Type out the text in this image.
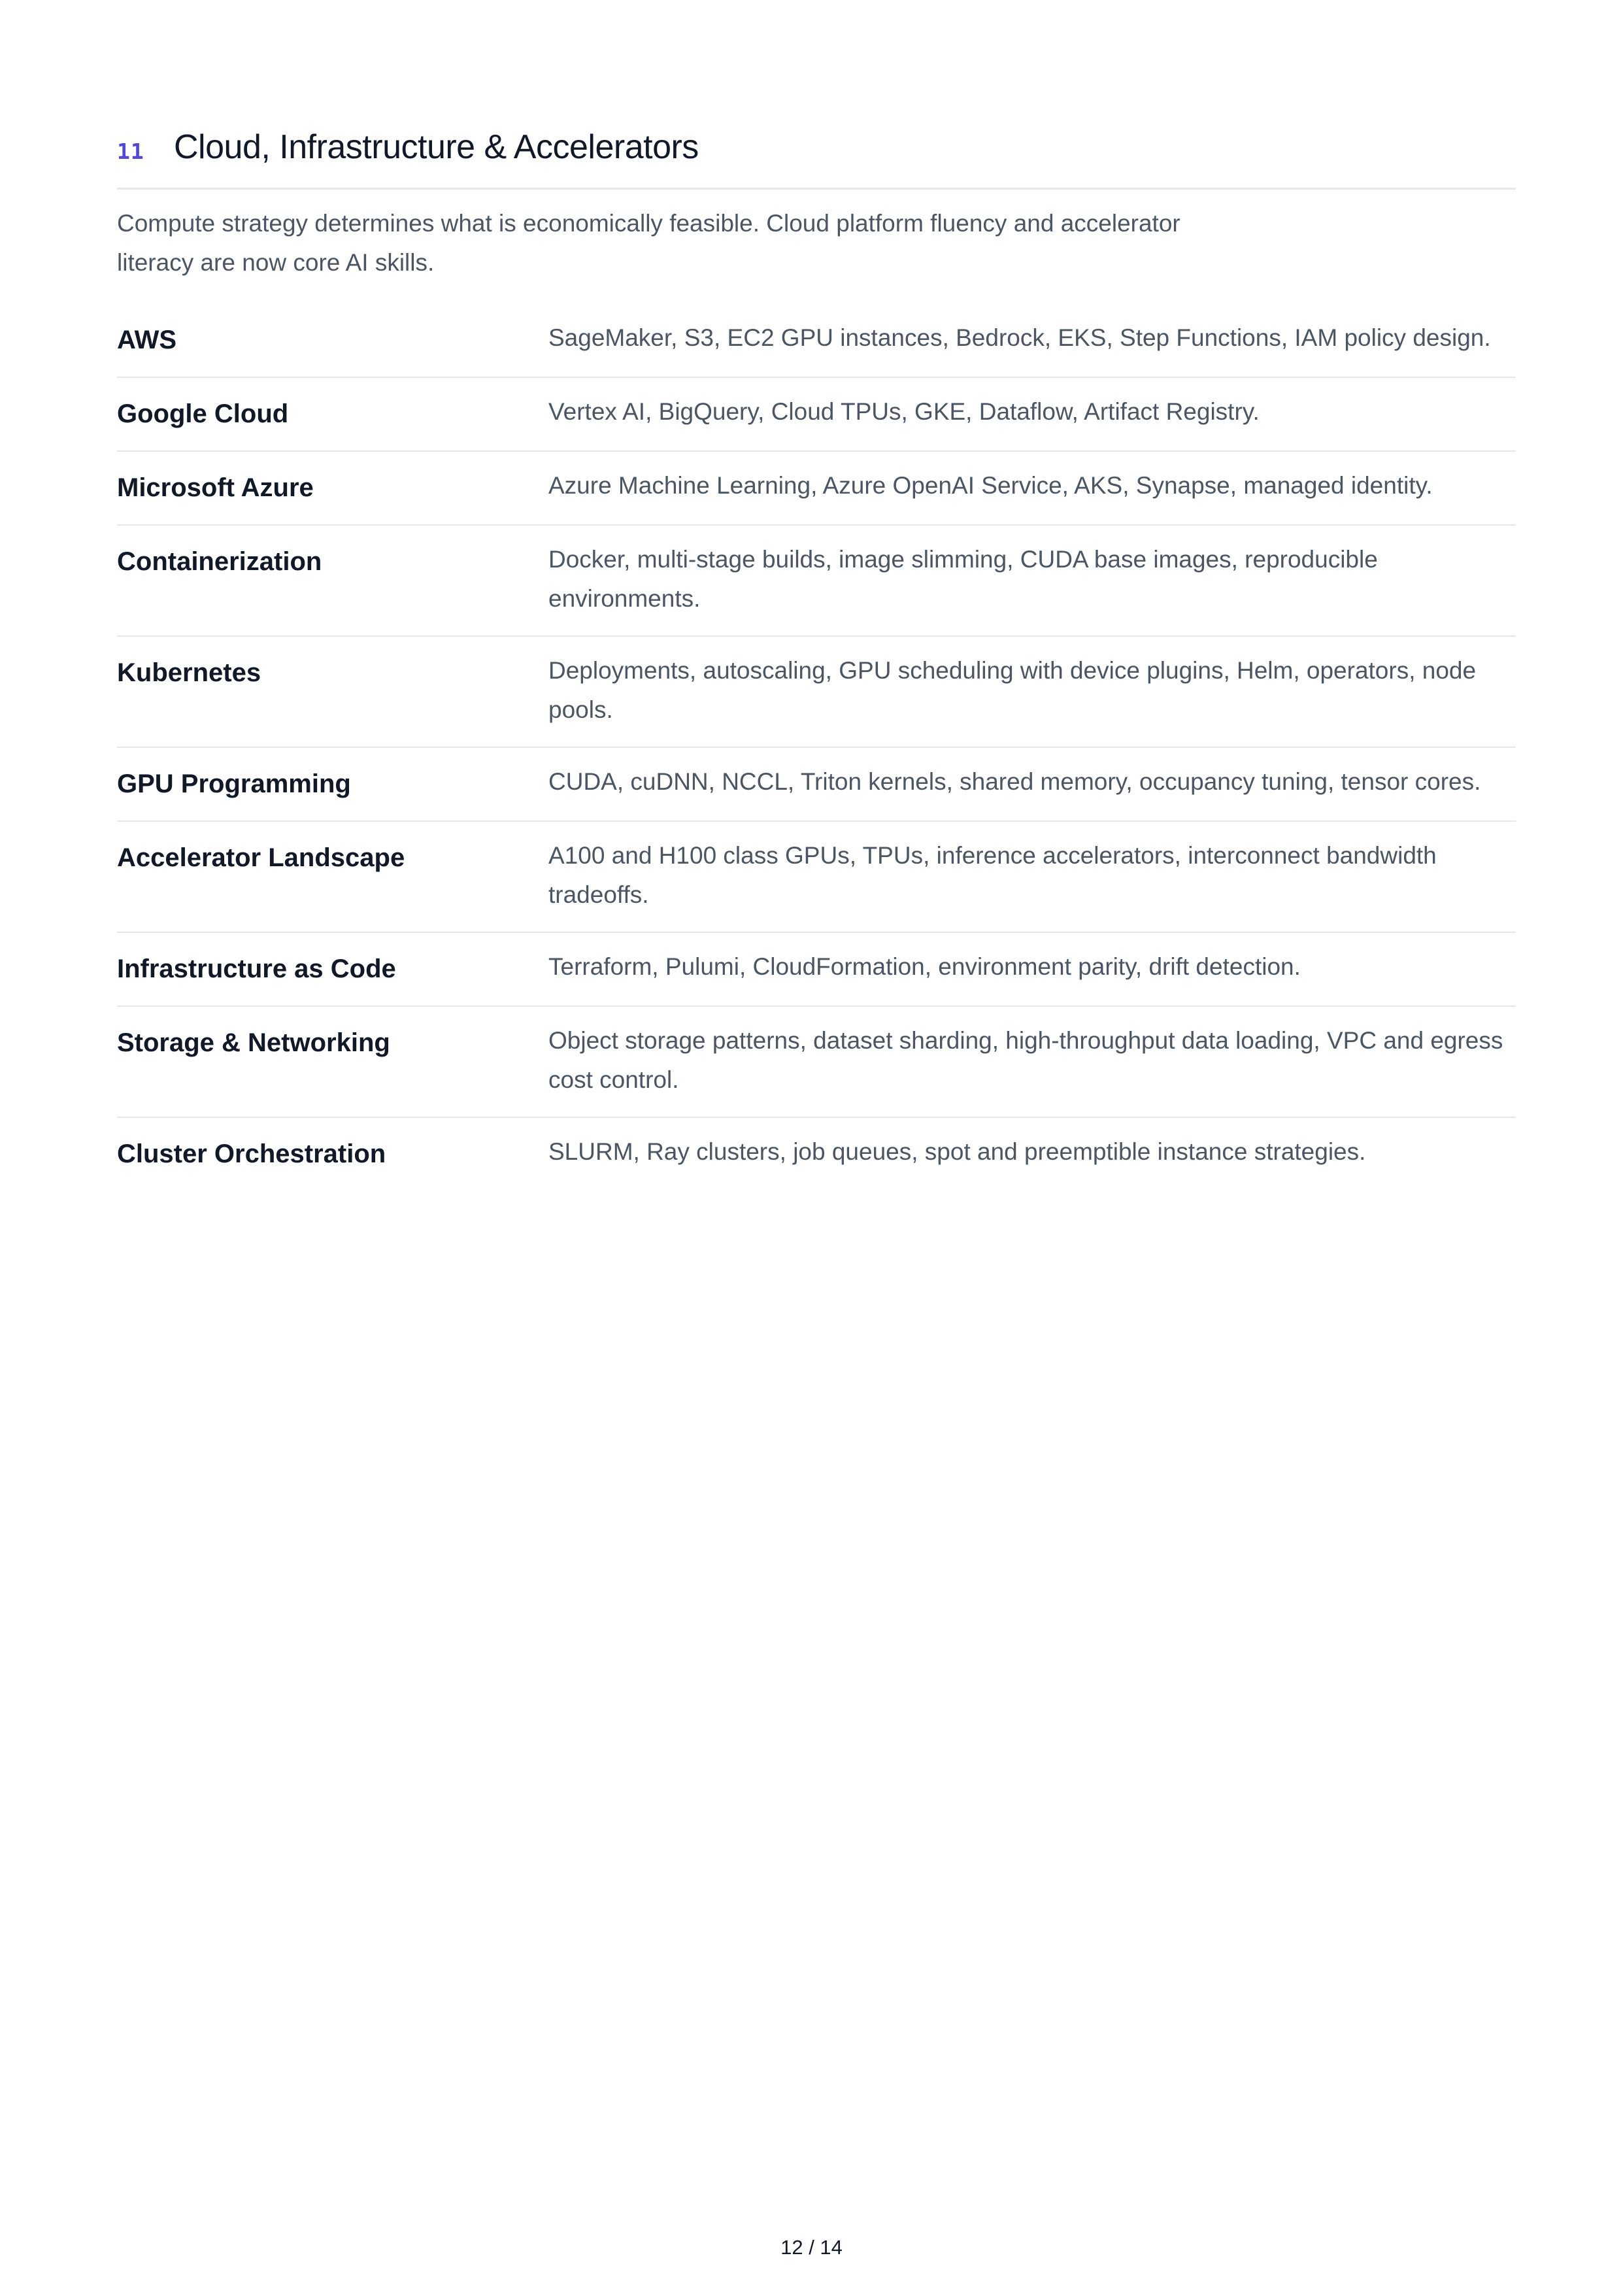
11 Cloud, Infrastructure & Accelerators

Compute strategy determines what is economically feasible. Cloud platform fluency and accelerator literacy are now core AI skills.

AWS	SageMaker, S3, EC2 GPU instances, Bedrock, EKS, Step Functions, IAM policy design.
Google Cloud	Vertex AI, BigQuery, Cloud TPUs, GKE, Dataflow, Artifact Registry.
Microsoft Azure	Azure Machine Learning, Azure OpenAI Service, AKS, Synapse, managed identity.
Containerization	Docker, multi-stage builds, image slimming, CUDA base images, reproducible environments.
Kubernetes	Deployments, autoscaling, GPU scheduling with device plugins, Helm, operators, node pools.
GPU Programming	CUDA, cuDNN, NCCL, Triton kernels, shared memory, occupancy tuning, tensor cores.
Accelerator Landscape	A100 and H100 class GPUs, TPUs, inference accelerators, interconnect bandwidth tradeoffs.
Infrastructure as Code	Terraform, Pulumi, CloudFormation, environment parity, drift detection.
Storage & Networking	Object storage patterns, dataset sharding, high-throughput data loading, VPC and egress cost control.
Cluster Orchestration	SLURM, Ray clusters, job queues, spot and preemptible instance strategies.
12 / 14
